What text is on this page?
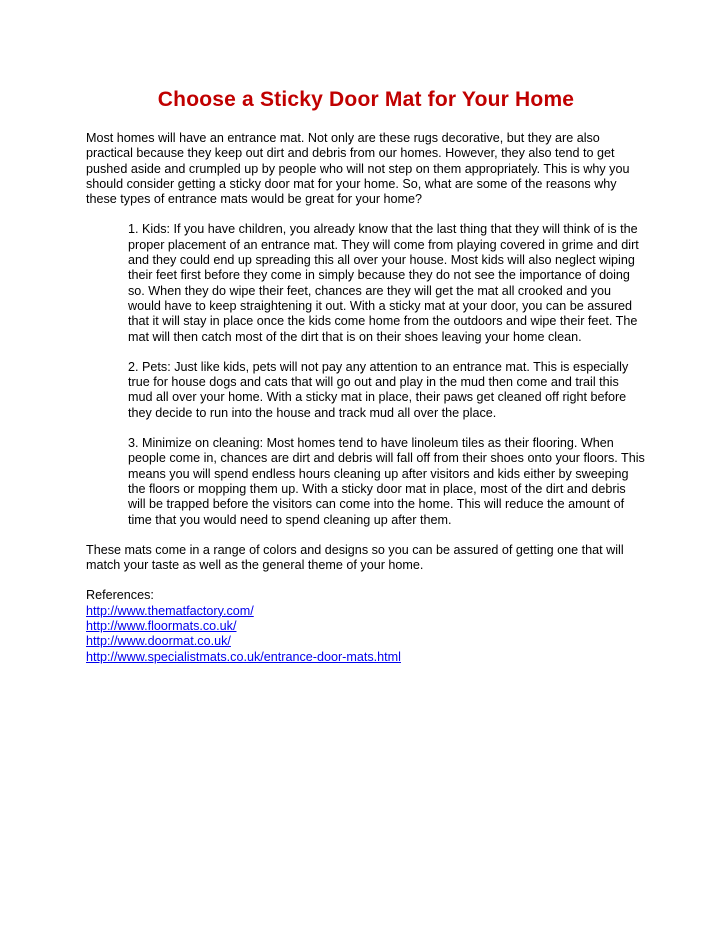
Choose a Sticky Door Mat for Your Home

Most homes will have an entrance mat. Not only are these rugs decorative, but they are also practical because they keep out dirt and debris from our homes. However, they also tend to get pushed aside and crumpled up by people who will not step on them appropriately. This is why you should consider getting a sticky door mat for your home. So, what are some of the reasons why these types of entrance mats would be great for your home?

1. Kids: If you have children, you already know that the last thing that they will think of is the proper placement of an entrance mat. They will come from playing covered in grime and dirt and they could end up spreading this all over your house. Most kids will also neglect wiping their feet first before they come in simply because they do not see the importance of doing so. When they do wipe their feet, chances are they will get the mat all crooked and you would have to keep straightening it out. With a sticky mat at your door, you can be assured that it will stay in place once the kids come home from the outdoors and wipe their feet. The mat will then catch most of the dirt that is on their shoes leaving your home clean.
2. Pets: Just like kids, pets will not pay any attention to an entrance mat. This is especially true for house dogs and cats that will go out and play in the mud then come and trail this mud all over your home. With a sticky mat in place, their paws get cleaned off right before they decide to run into the house and track mud all over the place.
3. Minimize on cleaning: Most homes tend to have linoleum tiles as their flooring. When people come in, chances are dirt and debris will fall off from their shoes onto your floors. This means you will spend endless hours cleaning up after visitors and kids either by sweeping the floors or mopping them up. With a sticky door mat in place, most of the dirt and debris will be trapped before the visitors can come into the home. This will reduce the amount of time that you would need to spend cleaning up after them.

These mats come in a range of colors and designs so you can be assured of getting one that will match your taste as well as the general theme of your home.

References:

http://www.thematfactory.com/
http://www.floormats.co.uk/
http://www.doormat.co.uk/
http://www.specialistmats.co.uk/entrance-door-mats.html
